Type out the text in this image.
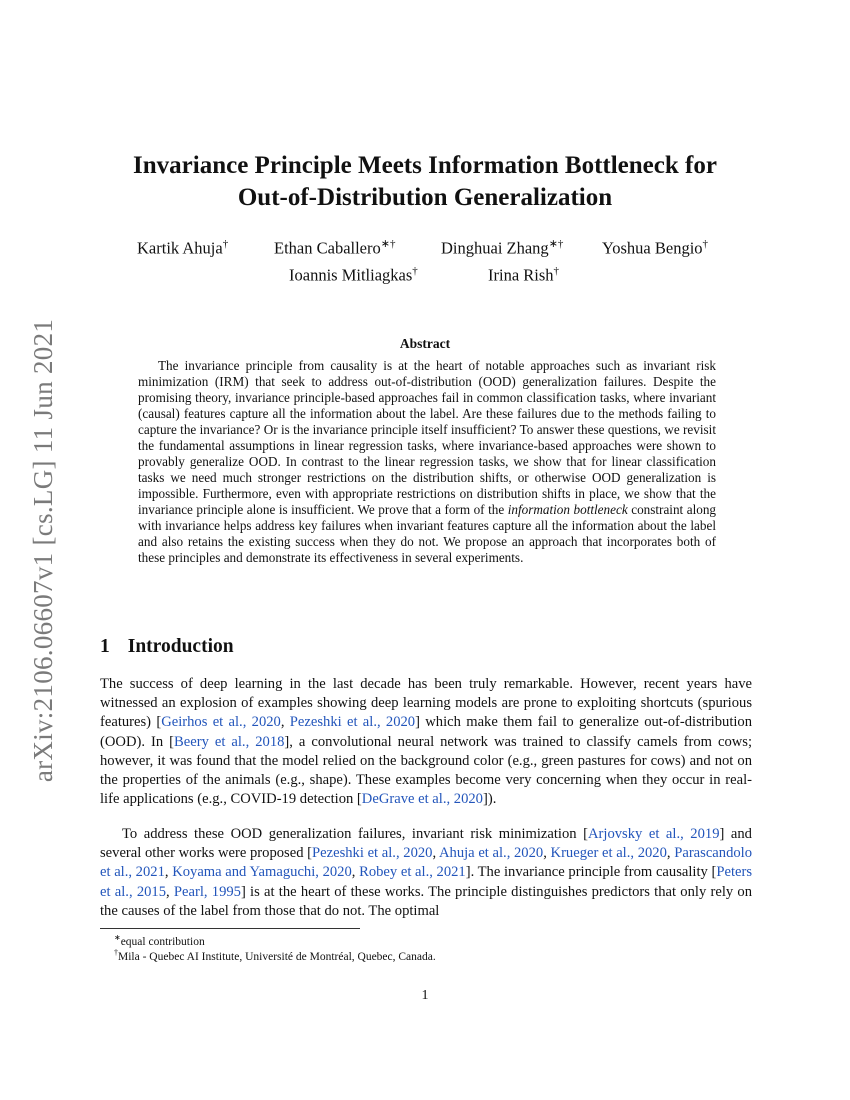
arXiv:2106.06607v1 [cs.LG] 11 Jun 2021
Invariance Principle Meets Information Bottleneck for
Out-of-Distribution Generalization
Kartik Ahuja†	Ethan Caballero∗†	Dinghuai Zhang∗† Yoshua Bengio†
Ioannis Mitliagkas†	Irina Rish†
Abstract

The invariance principle from causality is at the heart of notable approaches such as invariant risk minimization (IRM) that seek to address out-of-distribution (OOD) generalization failures. Despite the promising theory, invariance principle-based approaches fail in common classification tasks, where invariant (causal) features capture all the information about the label. Are these failures due to the methods failing to capture the invariance? Or is the invariance principle itself insufficient? To answer these questions, we revisit the fundamental assumptions in linear regression tasks, where invariance-based approaches were shown to provably generalize OOD. In contrast to the linear regression tasks, we show that for linear classification tasks we need much stronger restrictions on the distribution shifts, or otherwise OOD generalization is impossible. Furthermore, even with appropriate restrictions on distribution shifts in place, we show that the invariance principle alone is insufficient. We prove that a form of the information bottleneck constraint along with invariance helps address key failures when invariant features capture all the information about the label and also retains the existing success when they do not. We propose an approach that incorporates both of these principles and demonstrate its effectiveness in several experiments.

1 Introduction

The success of deep learning in the last decade has been truly remarkable. However, recent years have witnessed an explosion of examples showing deep learning models are prone to exploiting shortcuts (spurious features) [Geirhos et al., 2020, Pezeshki et al., 2020] which make them fail to generalize out-of-distribution (OOD). In [Beery et al., 2018], a convolutional neural network was trained to classify camels from cows; however, it was found that the model relied on the background color (e.g., green pastures for cows) and not on the properties of the animals (e.g., shape). These examples become very concerning when they occur in real-life applications (e.g., COVID-19 detection [DeGrave et al., 2020]).

To address these OOD generalization failures, invariant risk minimization [Arjovsky et al., 2019] and several other works were proposed [Pezeshki et al., 2020, Ahuja et al., 2020, Krueger et al., 2020, Parascandolo et al., 2021, Koyama and Yamaguchi, 2020, Robey et al., 2021]. The invariance principle from causality [Peters et al., 2015, Pearl, 1995] is at the heart of these works. The principle distinguishes predictors that only rely on the causes of the label from those that do not. The optimal

∗equal contribution
†Mila - Quebec AI Institute, Université de Montréal, Quebec, Canada.
1
